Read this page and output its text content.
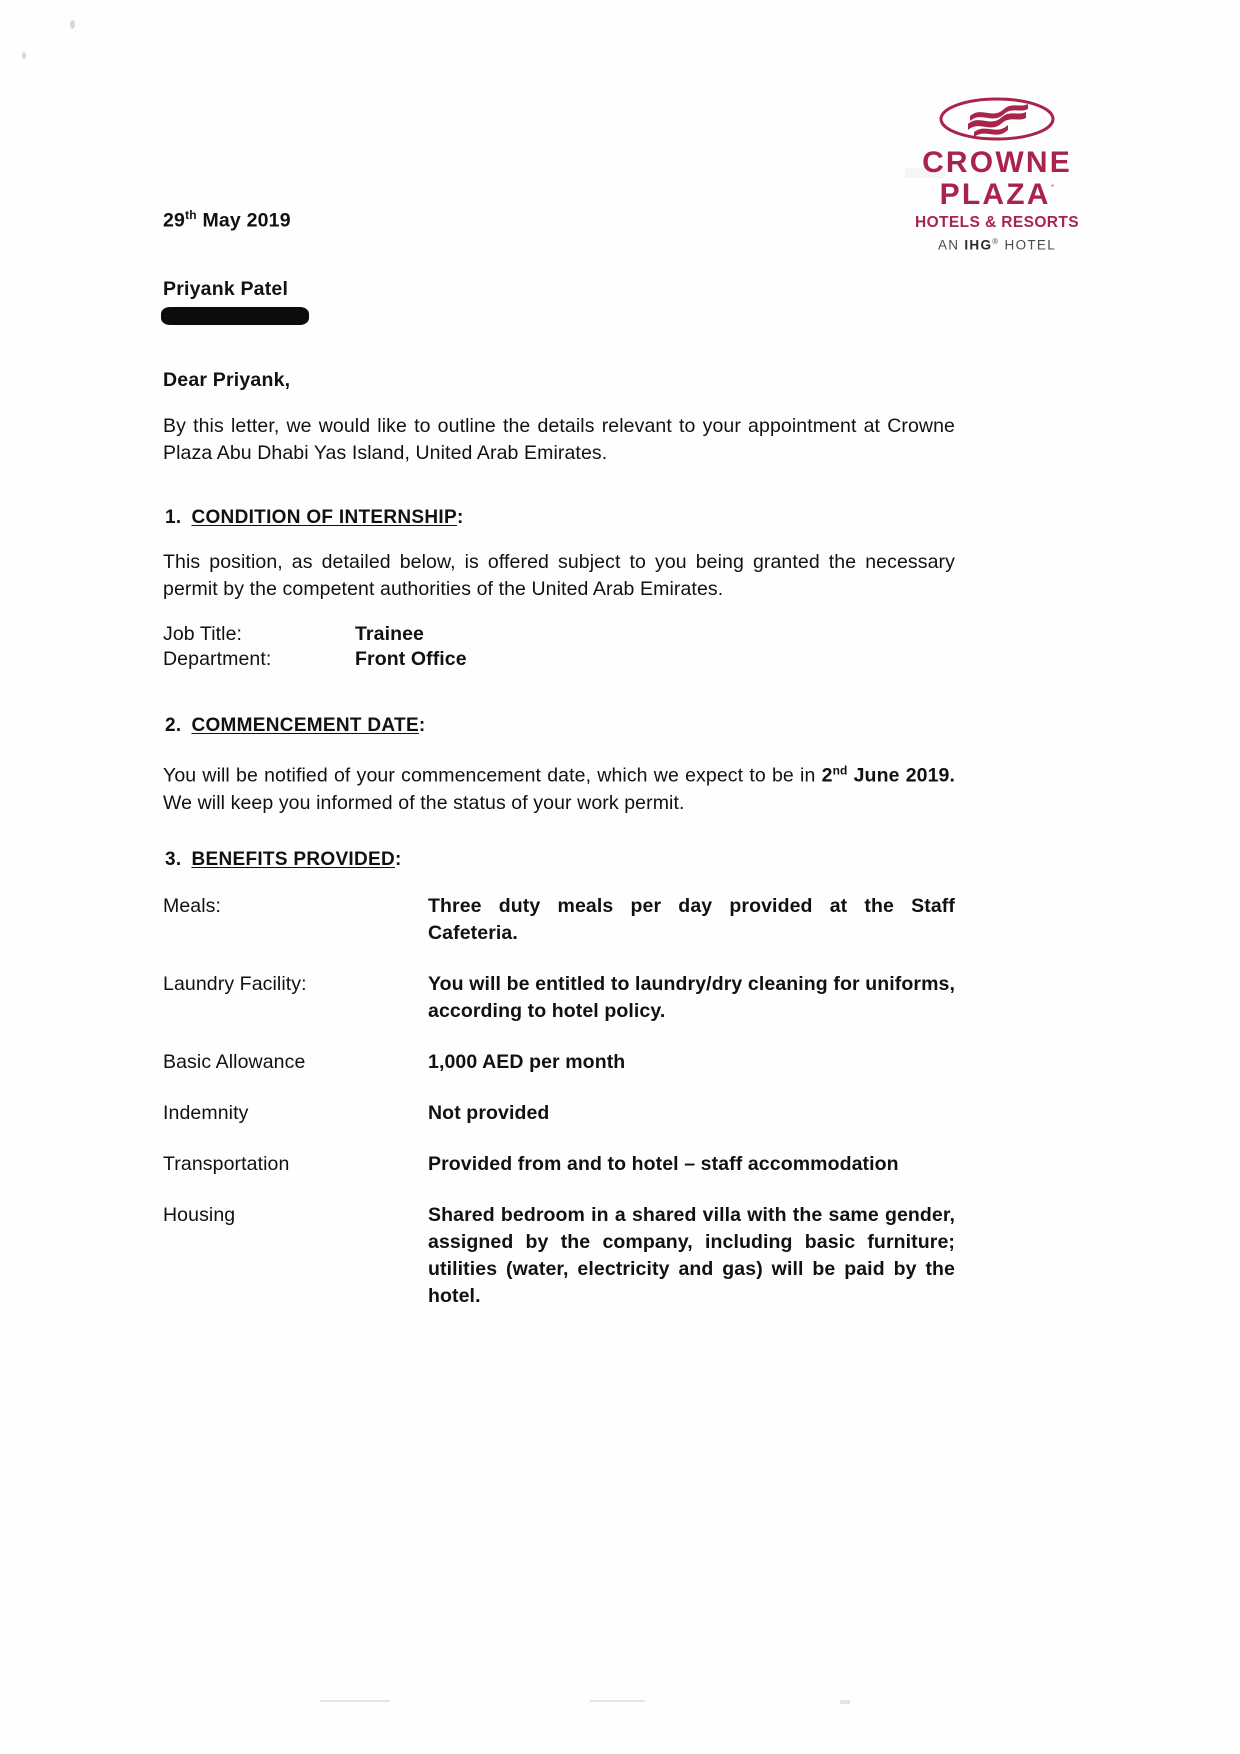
CROWNE
PLAZA´
HOTELS & RESORTS
AN IHG® HOTEL
29th May 2019
Priyank Patel
Dear Priyank,
By this letter, we would like to outline the details relevant to your appointment at Crowne Plaza Abu Dhabi Yas Island, United Arab Emirates.
1. CONDITION OF INTERNSHIP:
This position, as detailed below, is offered subject to you being granted the necessary permit by the competent authorities of the United Arab Emirates.
Job Title:	Trainee
Department:	Front Office
2. COMMENCEMENT DATE:
You will be notified of your commencement date, which we expect to be in 2nd June 2019. We will keep you informed of the status of your work permit.
3. BENEFITS PROVIDED:
Meals:	Three duty meals per day provided at the Staff Cafeteria.
Laundry Facility:	You will be entitled to laundry/dry cleaning for uniforms, according to hotel policy.
Basic Allowance	1,000 AED per month
Indemnity	Not provided
Transportation	Provided from and to hotel – staff accommodation
Housing	Shared bedroom in a shared villa with the same gender, assigned by the company, including basic furniture; utilities (water, electricity and gas) will be paid by the hotel.
